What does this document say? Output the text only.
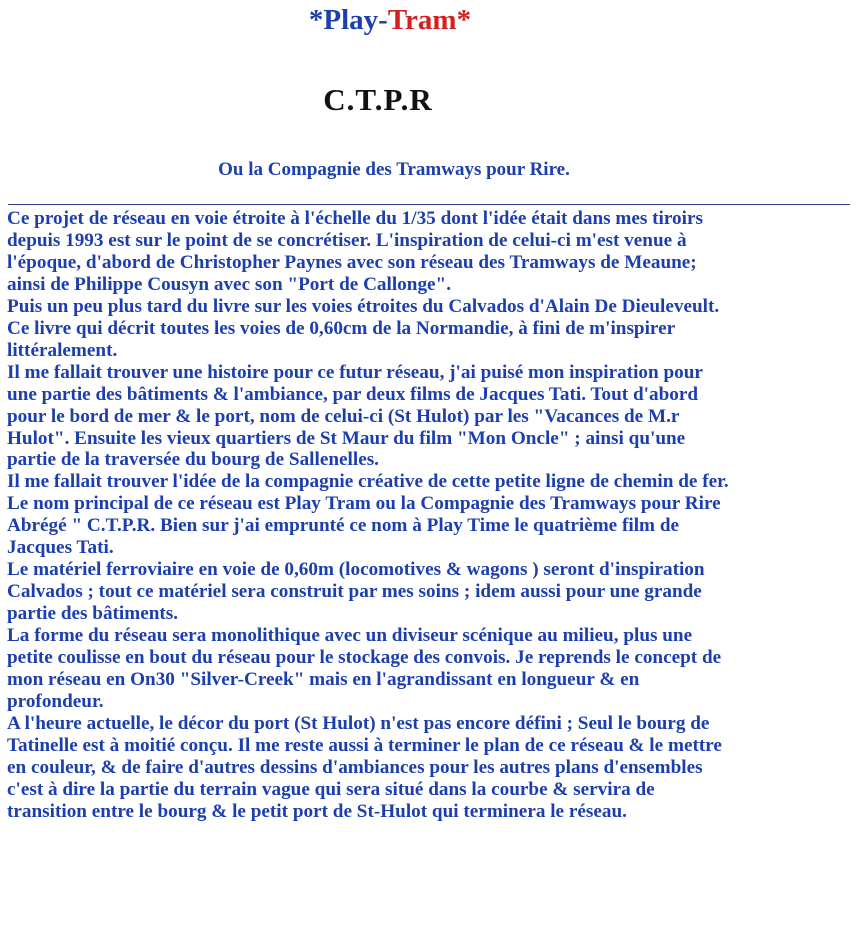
*Play-Tram*
C.T.P.R
Ou la Compagnie des Tramways pour Rire.
Ce projet de réseau en voie étroite à l'échelle du 1/35 dont l'idée était dans mes tiroirs
depuis 1993 est sur le point de se concrétiser. L'inspiration de celui-ci m'est venue à
l'époque, d'abord de Christopher Paynes avec son réseau des Tramways de Meaune;
ainsi de Philippe Cousyn avec son "Port de Callonge".
Puis un peu plus tard du livre sur les voies étroites du Calvados d'Alain De Dieuleveult.
Ce livre qui décrit toutes les voies de 0,60cm de la Normandie, à fini de m'inspirer
littéralement.
Il me fallait trouver une histoire pour ce futur réseau, j'ai puisé mon inspiration pour
une partie des bâtiments & l'ambiance, par deux films de Jacques Tati. Tout d'abord
pour le bord de mer & le port, nom de celui-ci (St Hulot) par les "Vacances de M.r
Hulot". Ensuite les vieux quartiers de St Maur du film "Mon Oncle" ; ainsi qu'une
partie de la traversée du bourg de Sallenelles.
Il me fallait trouver l'idée de la compagnie créative de cette petite ligne de chemin de fer.
Le nom principal de ce réseau est Play Tram ou la Compagnie des Tramways pour Rire
Abrégé " C.T.P.R. Bien sur j'ai emprunté ce nom à Play Time le quatrième film de
Jacques Tati.
Le matériel ferroviaire en voie de 0,60m (locomotives & wagons ) seront d'inspiration
Calvados ; tout ce matériel sera construit par mes soins ; idem aussi pour une grande
partie des bâtiments.
La forme du réseau sera monolithique avec un diviseur scénique au milieu, plus une
petite coulisse en bout du réseau pour le stockage des convois. Je reprends le concept de
mon réseau en On30 "Silver-Creek" mais en l'agrandissant en longueur & en
profondeur.
A l'heure actuelle, le décor du port (St Hulot) n'est pas encore défini ; Seul le bourg de
Tatinelle est à moitié conçu. Il me reste aussi à terminer le plan de ce réseau & le mettre
en couleur, & de faire d'autres dessins d'ambiances pour les autres plans d'ensembles
c'est à dire la partie du terrain vague qui sera situé dans la courbe & servira de
transition entre le bourg & le petit port de St-Hulot qui terminera le réseau.
